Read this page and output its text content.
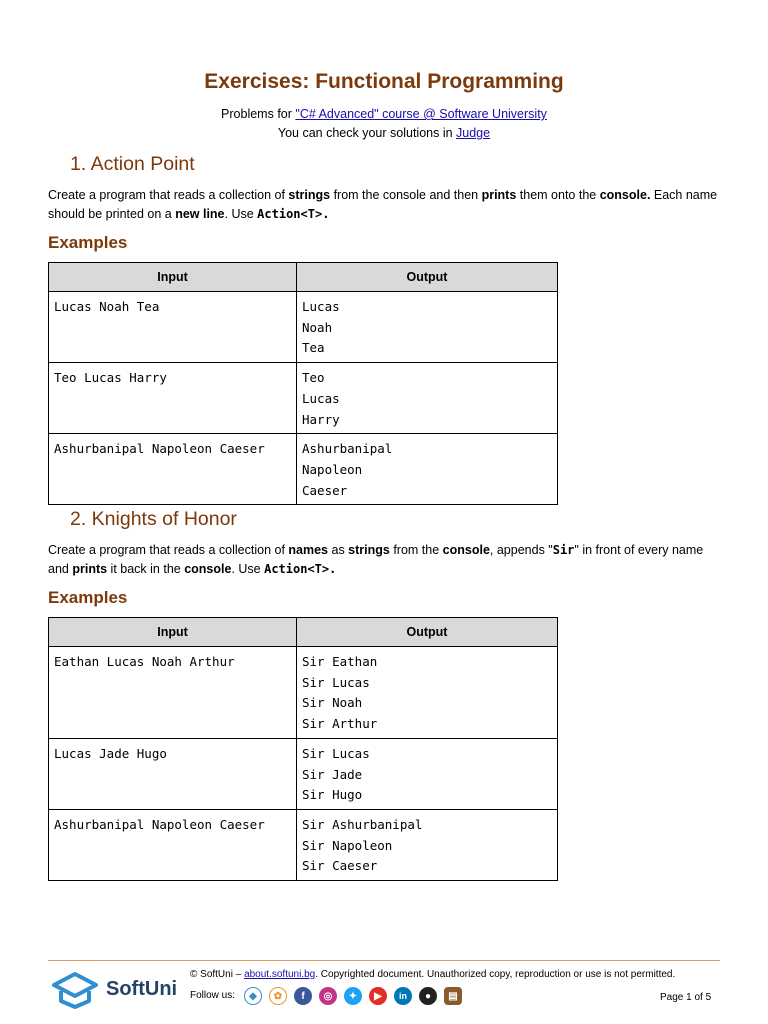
Exercises: Functional Programming
Problems for "C# Advanced" course @ Software University
You can check your solutions in Judge
1. Action Point
Create a program that reads a collection of strings from the console and then prints them onto the console. Each name should be printed on a new line. Use Action<T>.
Examples
Input	Output
Lucas Noah Tea	Lucas
Noah
Tea

Teo Lucas Harry	Teo
Lucas
Harry

Ashurbanipal Napoleon Caeser	Ashurbanipal
Napoleon
Caeser
2. Knights of Honor
Create a program that reads a collection of names as strings from the console, appends "Sir" in front of every name and prints it back in the console. Use Action<T>.
Examples
Input	Output
Eathan Lucas Noah Arthur	Sir Eathan
Sir Lucas
Sir Noah
Sir Arthur

Lucas Jade Hugo	Sir Lucas
Sir Jade
Sir Hugo

Ashurbanipal Napoleon Caeser	Sir Ashurbanipal
Sir Napoleon
Sir Caeser
SoftUni
© SoftUni – about.softuni.bg. Copyrighted document. Unauthorized copy, reproduction or use is not permitted.
Follow us:	◆	✿	f	◎	✦	▶	in	●	▤	Page 1 of 5
